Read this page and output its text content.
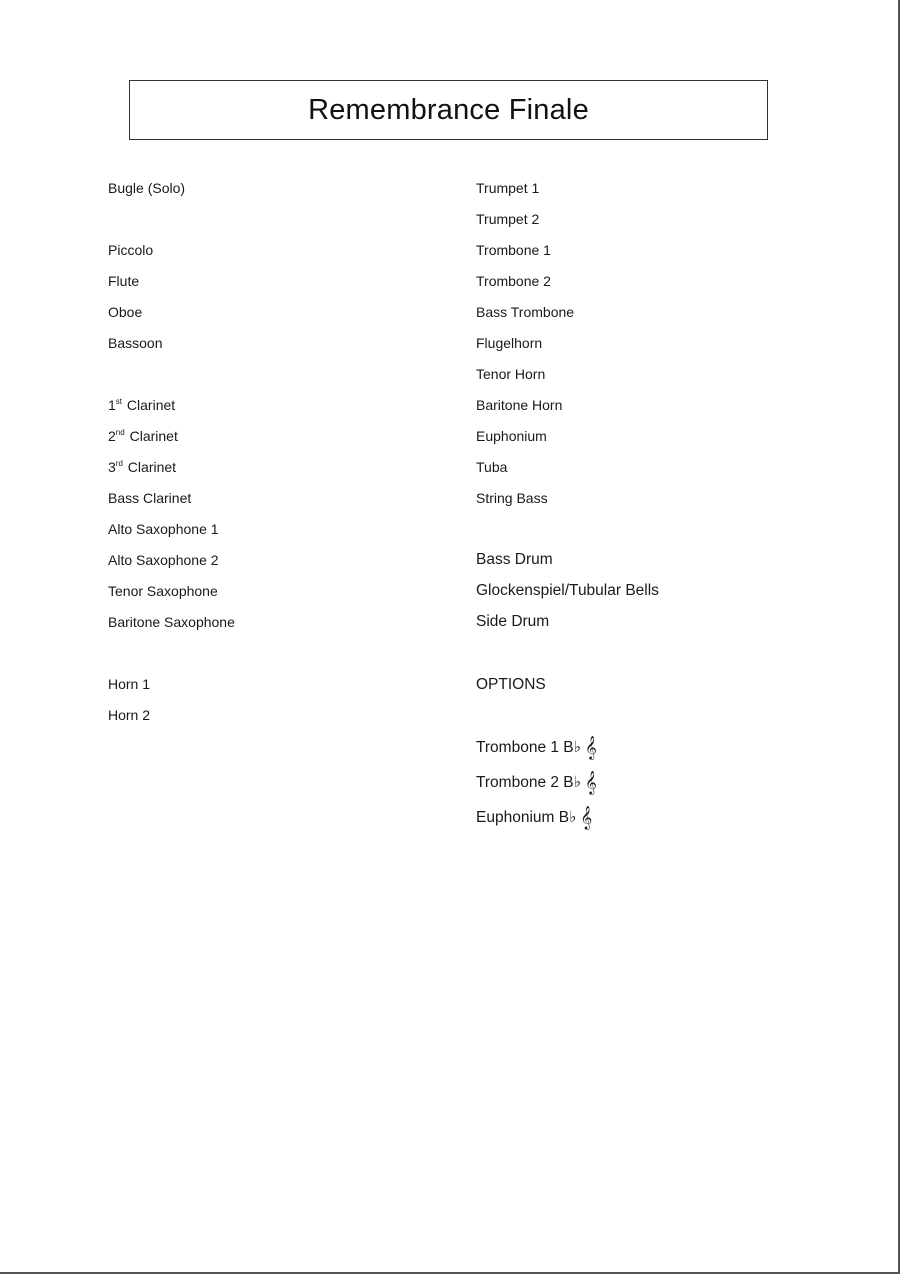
Remembrance Finale
Bugle (Solo)
Piccolo
Flute
Oboe
Bassoon
1st Clarinet
2nd Clarinet
3rd Clarinet
Bass Clarinet
Alto Saxophone 1
Alto Saxophone 2
Tenor Saxophone
Baritone Saxophone
Horn 1
Horn 2
Trumpet 1
Trumpet 2
Trombone 1
Trombone 2
Bass Trombone
Flugelhorn
Tenor Horn
Baritone Horn
Euphonium
Tuba
String Bass
Bass Drum
Glockenspiel/Tubular Bells
Side Drum
OPTIONS
Trombone 1 B♭ 𝄞
Trombone 2 B♭ 𝄞
Euphonium B♭ 𝄞
